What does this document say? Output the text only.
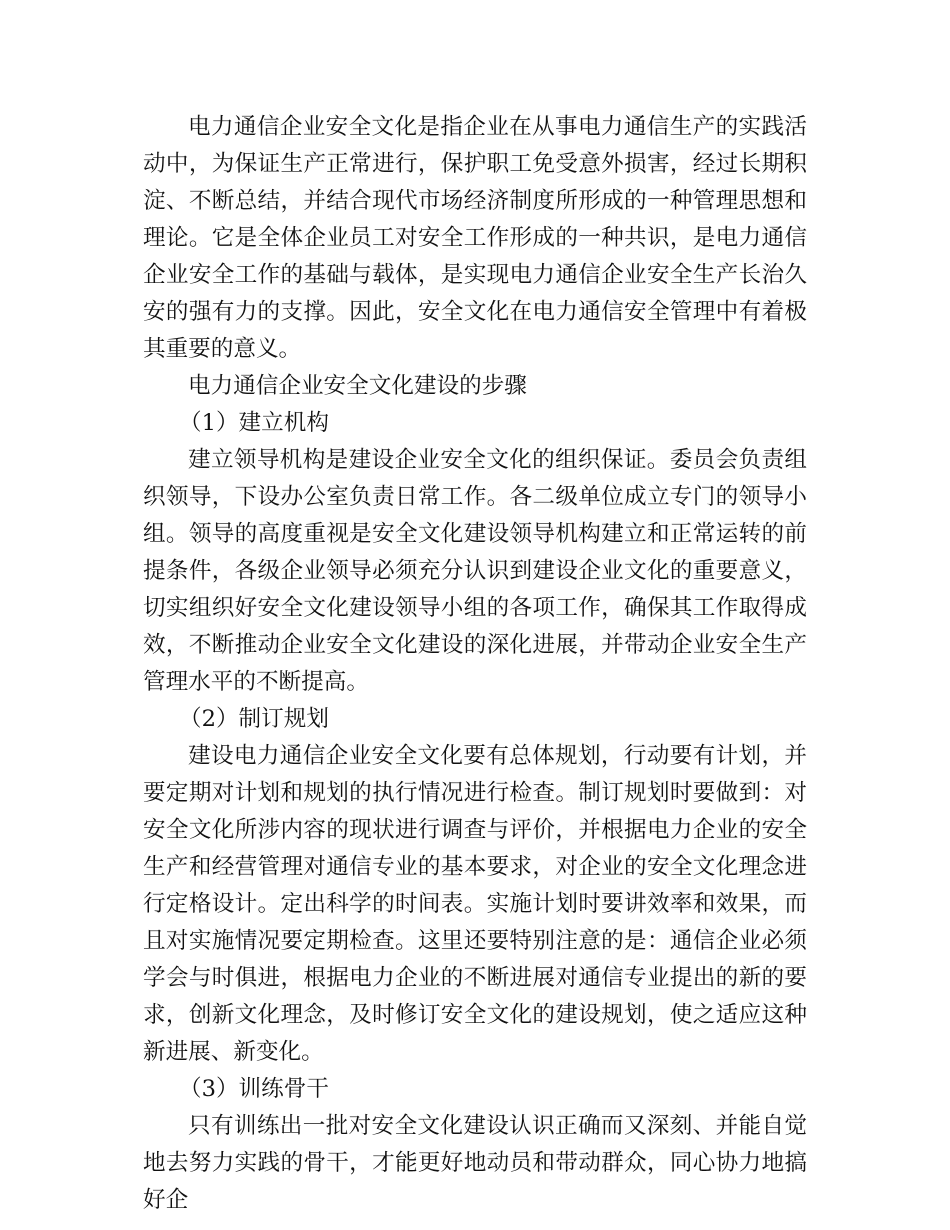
电力通信企业安全文化是指企业在从事电力通信生产的实践活动中，为保证生产正常进行，保护职工免受意外损害，经过长期积淀、不断总结，并结合现代市场经济制度所形成的一种管理思想和理论。它是全体企业员工对安全工作形成的一种共识，是电力通信企业安全工作的基础与载体，是实现电力通信企业安全生产长治久安的强有力的支撑。因此，安全文化在电力通信安全管理中有着极其重要的意义。

电力通信企业安全文化建设的步骤

（1）建立机构

建立领导机构是建设企业安全文化的组织保证。委员会负责组织领导，下设办公室负责日常工作。各二级单位成立专门的领导小组。领导的高度重视是安全文化建设领导机构建立和正常运转的前提条件，各级企业领导必须充分认识到建设企业文化的重要意义，切实组织好安全文化建设领导小组的各项工作，确保其工作取得成效，不断推动企业安全文化建设的深化进展，并带动企业安全生产管理水平的不断提高。

（2）制订规划

建设电力通信企业安全文化要有总体规划，行动要有计划，并要定期对计划和规划的执行情况进行检查。制订规划时要做到：对安全文化所涉内容的现状进行调查与评价，并根据电力企业的安全生产和经营管理对通信专业的基本要求，对企业的安全文化理念进行定格设计。定出科学的时间表。实施计划时要讲效率和效果，而且对实施情况要定期检查。这里还要特别注意的是：通信企业必须学会与时俱进，根据电力企业的不断进展对通信专业提出的新的要求，创新文化理念，及时修订安全文化的建设规划，使之适应这种新进展、新变化。

（3）训练骨干

只有训练出一批对安全文化建设认识正确而又深刻、并能自觉地去努力实践的骨干，才能更好地动员和带动群众，同心协力地搞好企
